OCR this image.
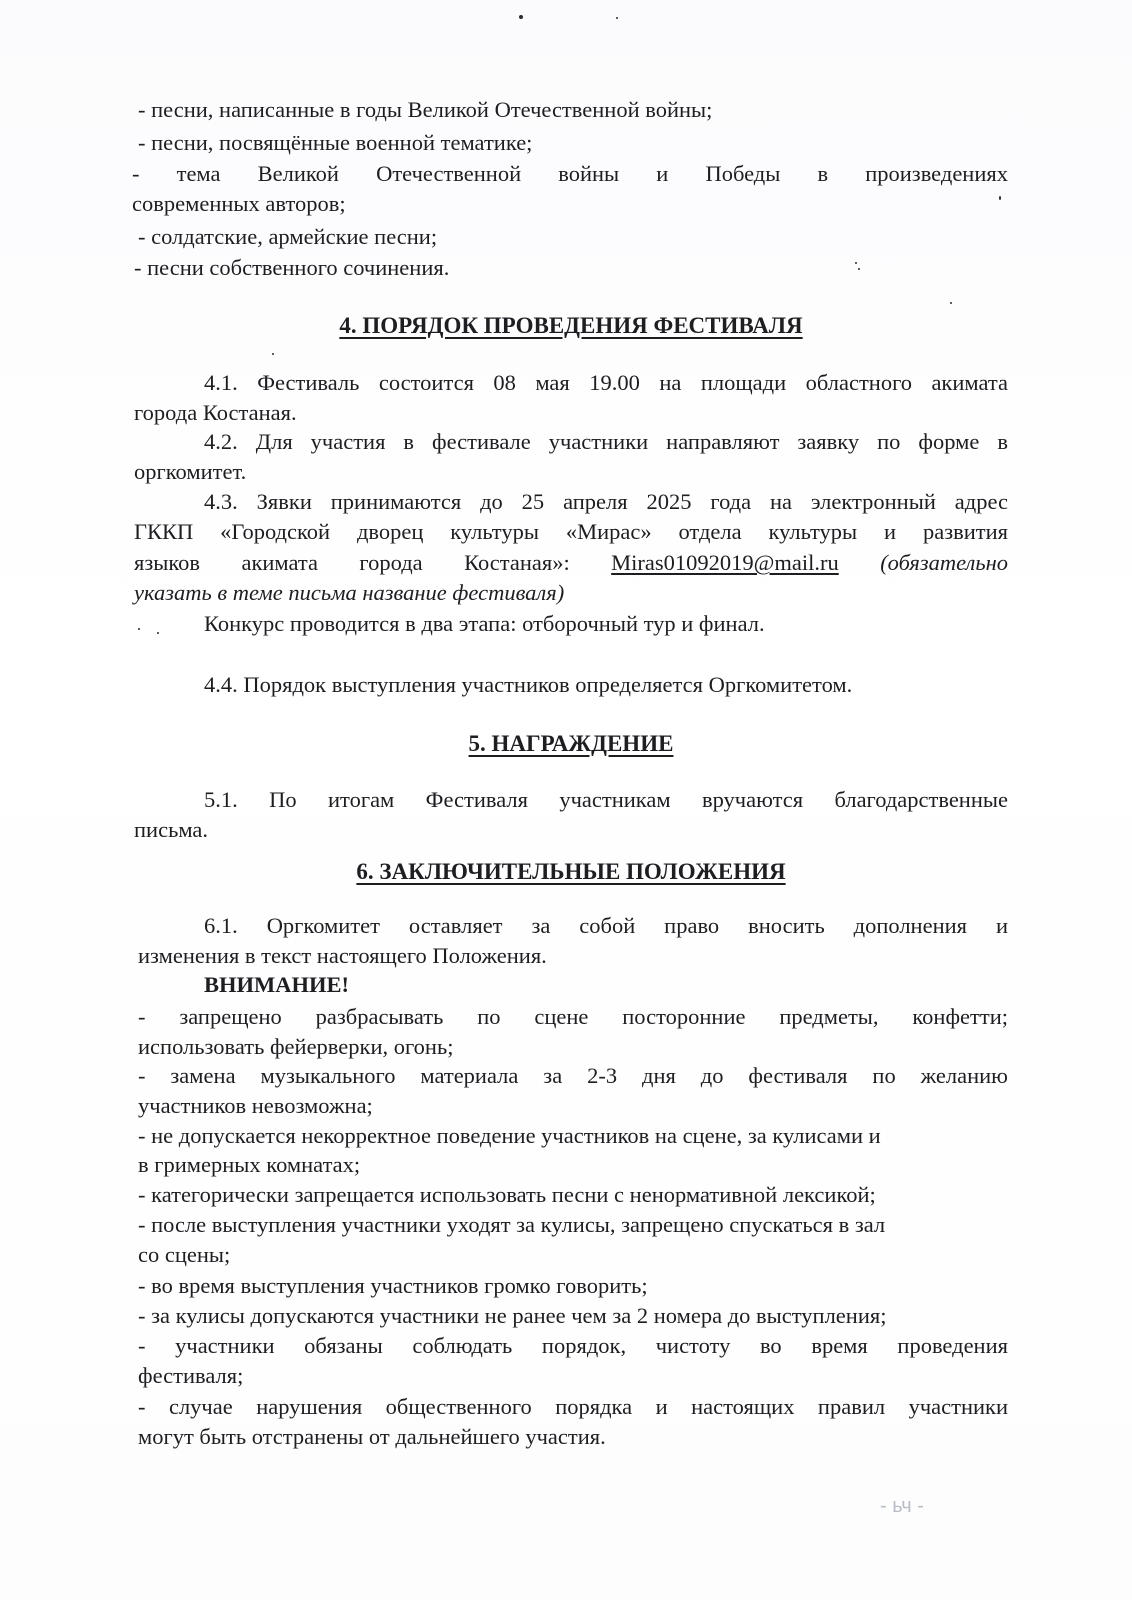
- ьч -
- песни, написанные в годы Великой Отечественной войны;
- песни, посвящённые военной тематике;
- тема Великой Отечественной войны и Победы в произведениях
современных авторов;
- солдатские, армейские песни;
- песни собственного сочинения.
4. ПОРЯДОК ПРОВЕДЕНИЯ ФЕСТИВАЛЯ
4.1. Фестиваль состоится 08 мая 19.00 на площади областного акимата
города Костаная.
4.2. Для участия в фестивале участники направляют заявку по форме в
оргкомитет.
4.3. Зявки принимаются до 25 апреля 2025 года на электронный адрес
ГККП «Городской дворец культуры «Мирас» отдела культуры и развития
языков акимата города Костаная»: Miras01092019@mail.ru (обязательно
указать в теме письма название фестиваля)
Конкурс проводится в два этапа: отборочный тур и финал.
4.4. Порядок выступления участников определяется Оргкомитетом.
5. НАГРАЖДЕНИЕ
5.1. По итогам Фестиваля участникам вручаются благодарственные
письма.
6. ЗАКЛЮЧИТЕЛЬНЫЕ ПОЛОЖЕНИЯ
6.1. Оргкомитет оставляет за собой право вносить дополнения и
изменения в текст настоящего Положения.
ВНИМАНИЕ!
- запрещено разбрасывать по сцене посторонние предметы, конфетти;
использовать фейерверки, огонь;
- замена музыкального материала за 2-3 дня до фестиваля по желанию
участников невозможна;
- не допускается некорректное поведение участников на сцене, за кулисами и
в гримерных комнатах;
- категорически запрещается использовать песни с ненормативной лексикой;
- после выступления участники уходят за кулисы, запрещено спускаться в зал
со сцены;
- во время выступления участников громко говорить;
- за кулисы допускаются участники не ранее чем за 2 номера до выступления;
- участники обязаны соблюдать порядок, чистоту во время проведения
фестиваля;
- случае нарушения общественного порядка и настоящих правил участники
могут быть отстранены от дальнейшего участия.
